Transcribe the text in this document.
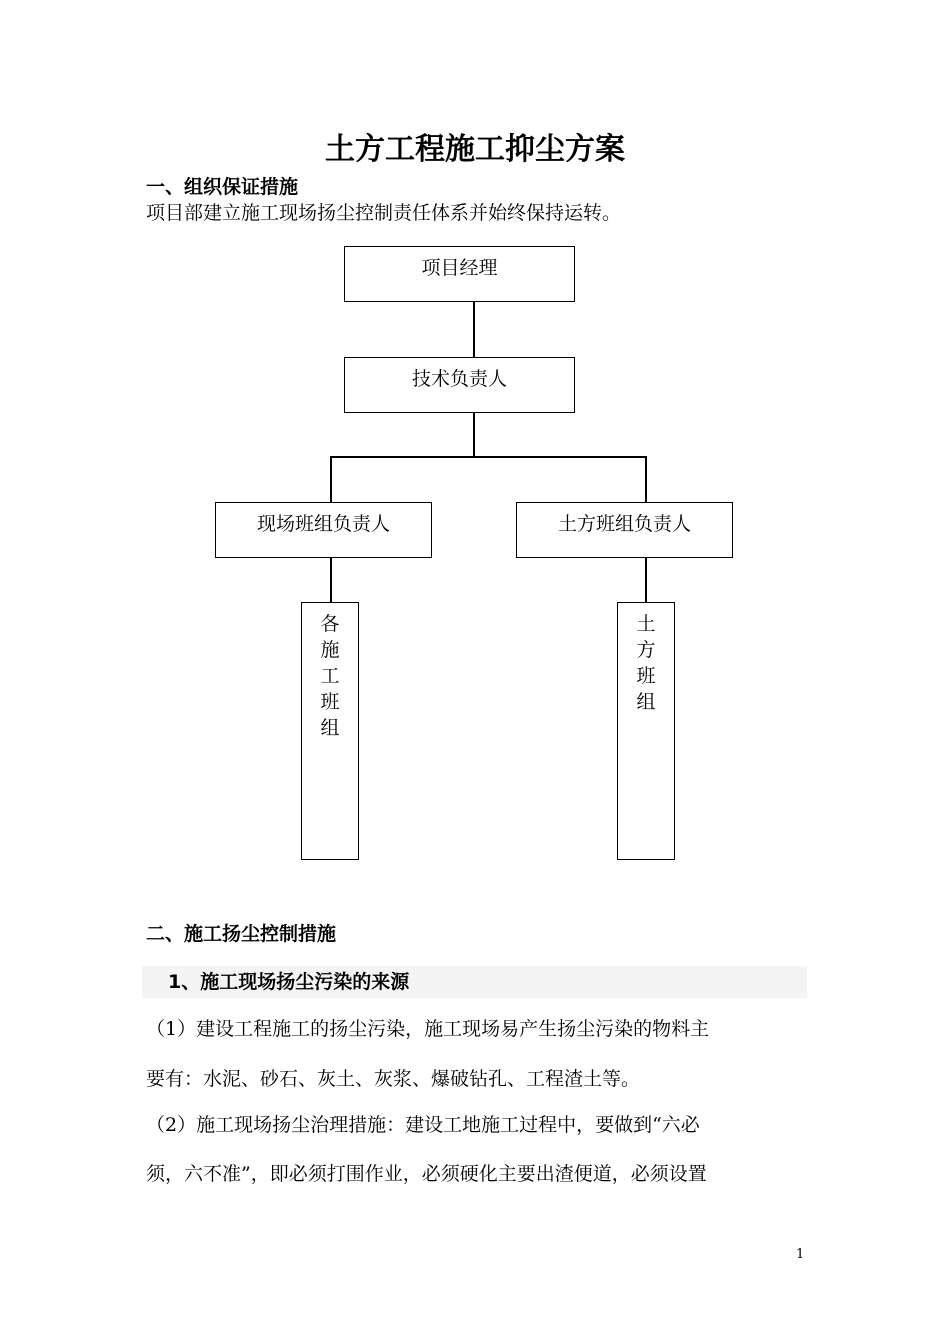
土方工程施工抑尘方案
一、组织保证措施
项目部建立施工现场扬尘控制责任体系并始终保持运转。
项目经理
技术负责人
现场班组负责人	土方班组负责人
各
施
工
班
组
土
方
班
组
二、施工扬尘控制措施
1、施工现场扬尘污染的来源
（1）建设工程施工的扬尘污染，施工现场易产生扬尘污染的物料主
要有：水泥、砂石、灰土、灰浆、爆破钻孔、工程渣土等。
（2）施工现场扬尘治理措施：建设工地施工过程中，要做到“六必
须，六不准”，即必须打围作业，必须硬化主要出渣便道，必须设置
1
